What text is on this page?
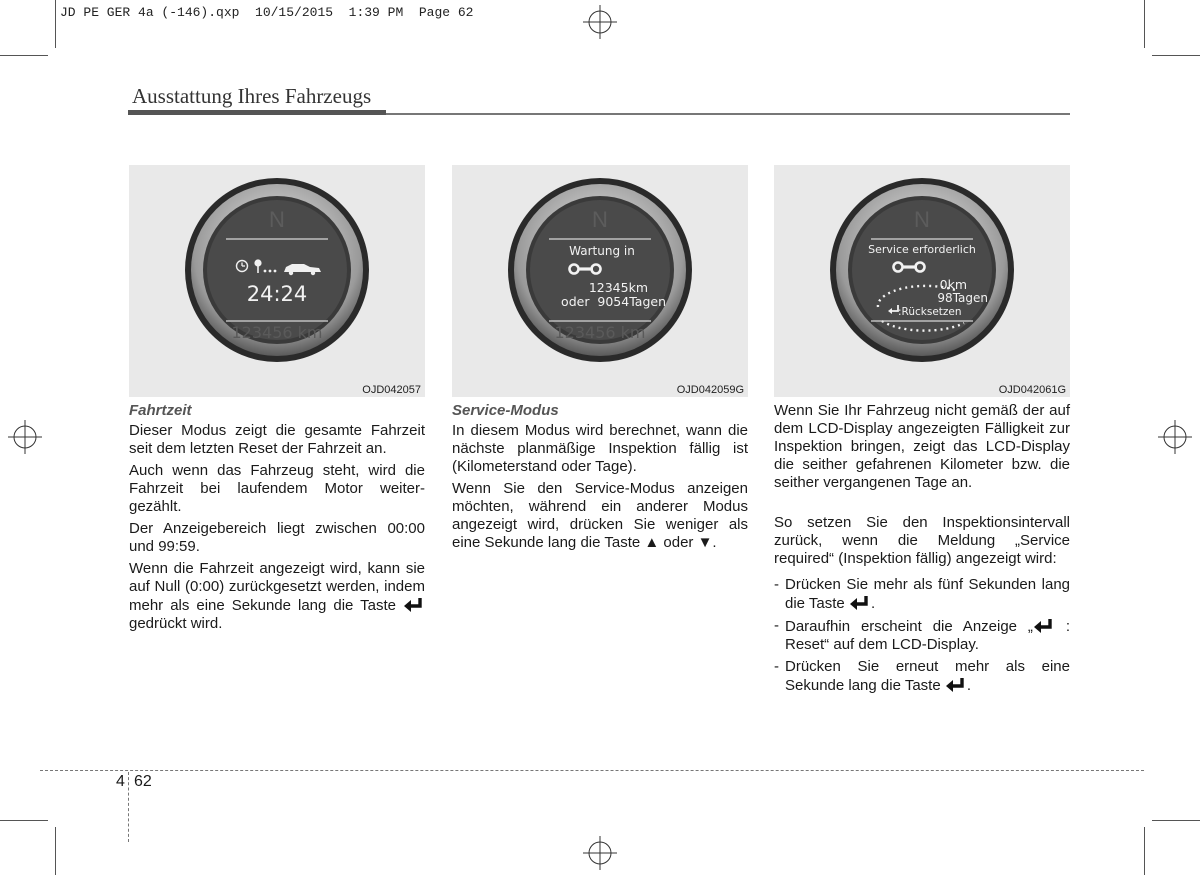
JD PE GER 4a (-146).qxp  10/15/2015  1:39 PM  Page 62
Ausstattung Ihres Fahrzeugs
N
24:24
123456 km
OJD042057
N
Wartung in
12345km
oder  9054Tagen
123456 km
OJD042059G
N
Service erforderlich
0km
98Tagen
:Rücksetzen
OJD042061G
Fahrtzeit

Dieser Modus zeigt die gesamte Fahrzeit seit dem letzten Reset der Fahrzeit an.

Auch wenn das Fahrzeug steht, wird die Fahrzeit bei laufendem Motor weiter-gezählt.

Der Anzeigebereich liegt zwischen 00:00 und 99:59.

Wenn die Fahrzeit angezeigt wird, kann sie auf Null (0:00) zurückgesetzt werden, indem mehr als eine Sekunde lang die Taste  gedrückt wird.

Service-Modus

In diesem Modus wird berechnet, wann die nächste planmäßige Inspektion fällig ist (Kilometerstand oder Tage).

Wenn Sie den Service-Modus anzeigen möchten, während ein anderer Modus angezeigt wird, drücken Sie weniger als eine Sekunde lang die Taste ▲ oder ▼.

Wenn Sie Ihr Fahrzeug nicht gemäß der auf dem LCD-Display angezeigten Fälligkeit zur Inspektion bringen, zeigt das LCD-Display die seither gefahrenen Kilometer bzw. die seither vergangenen Tage an.

So setzen Sie den Inspektionsintervall zurück, wenn die Meldung „Service required“ (Inspektion fällig) angezeigt wird:

- Drücken Sie mehr als fünf Sekunden lang die Taste .
- Daraufhin erscheint die Anzeige „ : Reset“ auf dem LCD-Display.
- Drücken Sie erneut mehr als eine Sekunde lang die Taste .
4 62
